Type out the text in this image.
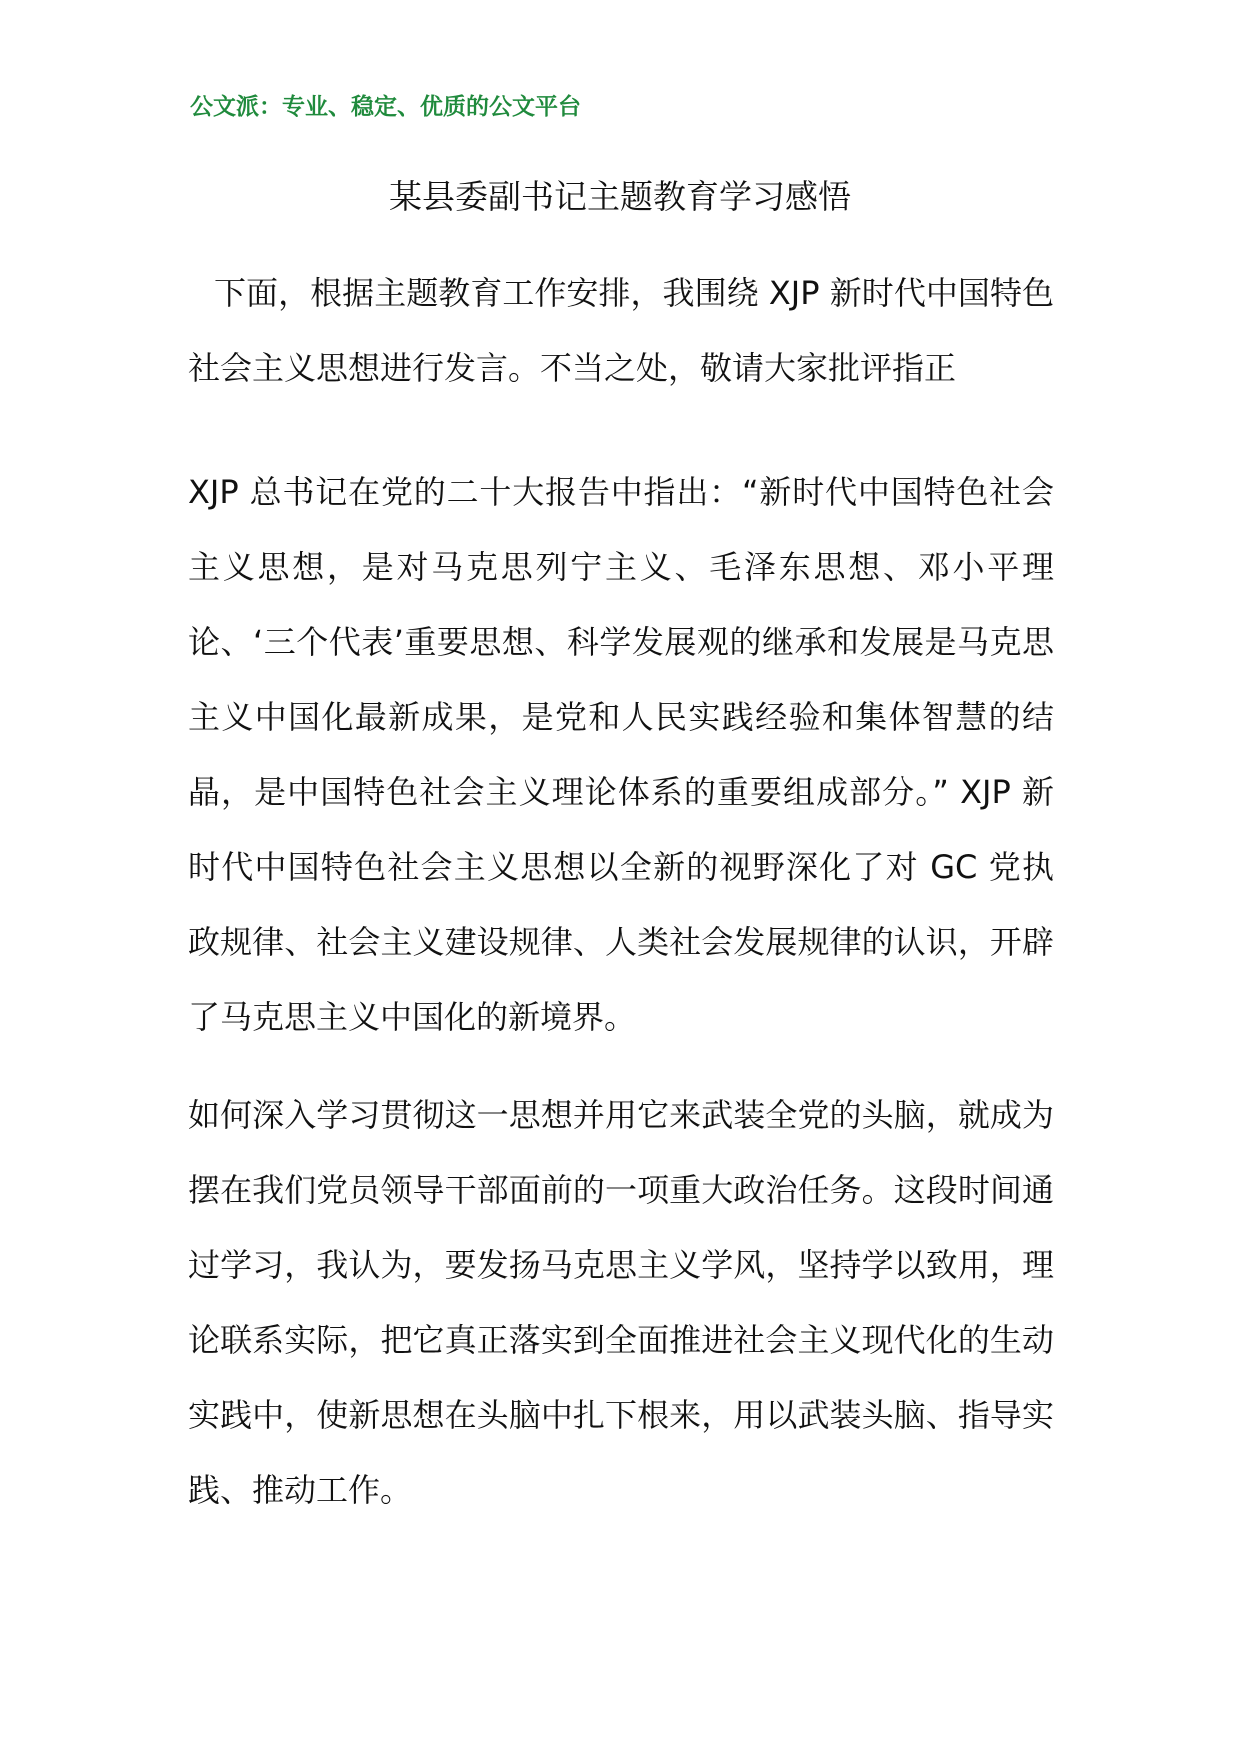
公文派：专业、稳定、优质的公文平台
某县委副书记主题教育学习感悟

下面，根据主题教育工作安排，我围绕 XJP 新时代中国特色社会主义思想进行发言。不当之处，敬请大家批评指正

XJP 总书记在党的二十大报告中指出：“新时代中国特色社会主义思想，是对马克思列宁主义、毛泽东思想、邓小平理论、‘三个代表’重要思想、科学发展观的继承和发展是马克思主义中国化最新成果，是党和人民实践经验和集体智慧的结晶，是中国特色社会主义理论体系的重要组成部分。” XJP 新时代中国特色社会主义思想以全新的视野深化了对 GC 党执政规律、社会主义建设规律、人类社会发展规律的认识，开辟了马克思主义中国化的新境界。

如何深入学习贯彻这一思想并用它来武装全党的头脑，就成为摆在我们党员领导干部面前的一项重大政治任务。这段时间通过学习，我认为，要发扬马克思主义学风，坚持学以致用，理论联系实际，把它真正落实到全面推进社会主义现代化的生动实践中，使新思想在头脑中扎下根来，用以武装头脑、指导实践、推动工作。
